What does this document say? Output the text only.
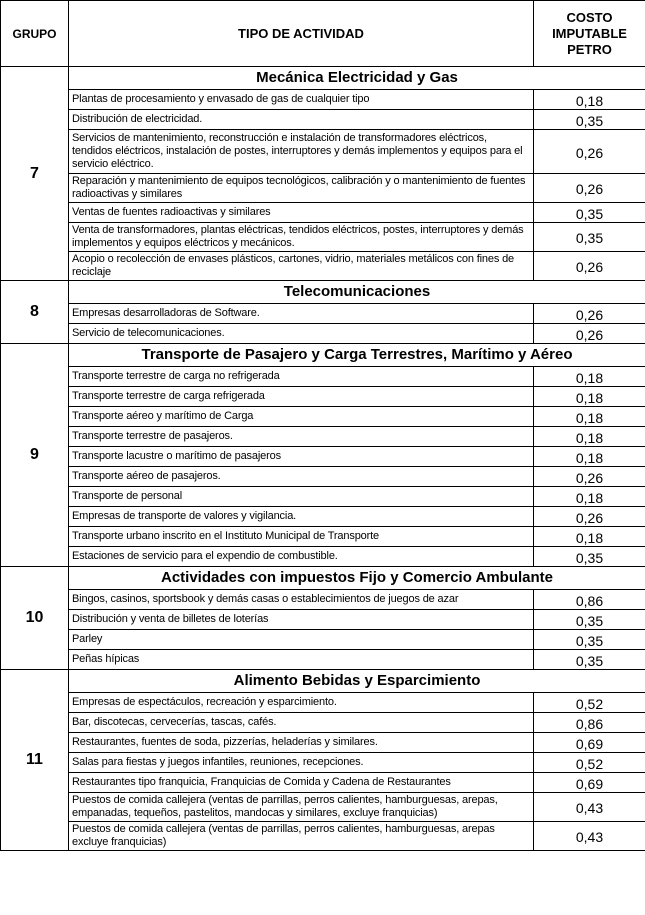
GRUPO	TIPO DE ACTIVIDAD	COSTO
IMPUTABLE
PETRO

7	Mecánica Electricidad y Gas	
	Plantas de procesamiento y envasado de gas de cualquier tipo	0,18
	Distribución de electricidad.	0,35
	Servicios de mantenimiento, reconstrucción e instalación de transformadores eléctricos, tendidos eléctricos, instalación de postes, interruptores y demás implementos y equipos para el servicio eléctrico.	0,26
	Reparación y mantenimiento de equipos tecnológicos, calibración y o mantenimiento de fuentes radioactivas y similares	0,26
	Ventas de fuentes radioactivas y similares	0,35
	Venta de transformadores, plantas eléctricas, tendidos eléctricos, postes, interruptores y demás implementos y equipos eléctricos y mecánicos.	0,35
	Acopio o recolección de envases plásticos, cartones, vidrio, materiales metálicos con fines de reciclaje	0,26
8	Telecomunicaciones	
	Empresas desarrolladoras de Software.	0,26
	Servicio de telecomunicaciones.	0,26
9	Transporte de Pasajero y Carga Terrestres, Marítimo y Aéreo	
	Transporte terrestre de carga no refrigerada	0,18
	Transporte terrestre de carga refrigerada	0,18
	Transporte aéreo y marítimo de Carga	0,18
	Transporte terrestre de pasajeros.	0,18
	Transporte lacustre o marítimo de pasajeros	0,18
	Transporte aéreo de pasajeros.	0,26
	Transporte de personal	0,18
	Empresas de transporte de valores y vigilancia.	0,26
	Transporte urbano inscrito en el Instituto Municipal de Transporte	0,18
	Estaciones de servicio para el expendio de combustible.	0,35
10	Actividades con impuestos Fijo y Comercio Ambulante	
	Bingos, casinos, sportsbook y demás casas o establecimientos de juegos de azar	0,86
	Distribución y venta de billetes de loterías	0,35
	Parley	0,35
	Peñas hípicas	0,35
11	Alimento Bebidas y Esparcimiento	
	Empresas de espectáculos, recreación y esparcimiento.	0,52
	Bar, discotecas, cervecerías, tascas, cafés.	0,86
	Restaurantes, fuentes de soda, pizzerías, heladerías y similares.	0,69
	Salas para fiestas y juegos infantiles, reuniones, recepciones.	0,52
	Restaurantes tipo franquicia, Franquicias de Comida y Cadena de Restaurantes	0,69
	Puestos de comida callejera (ventas de parrillas, perros calientes, hamburguesas, arepas, empanadas, tequeños, pastelitos, mandocas y similares, excluye franquicias)	0,43
	Puestos de comida callejera (ventas de parrillas, perros calientes, hamburguesas, arepas excluye franquicias)	0,43
